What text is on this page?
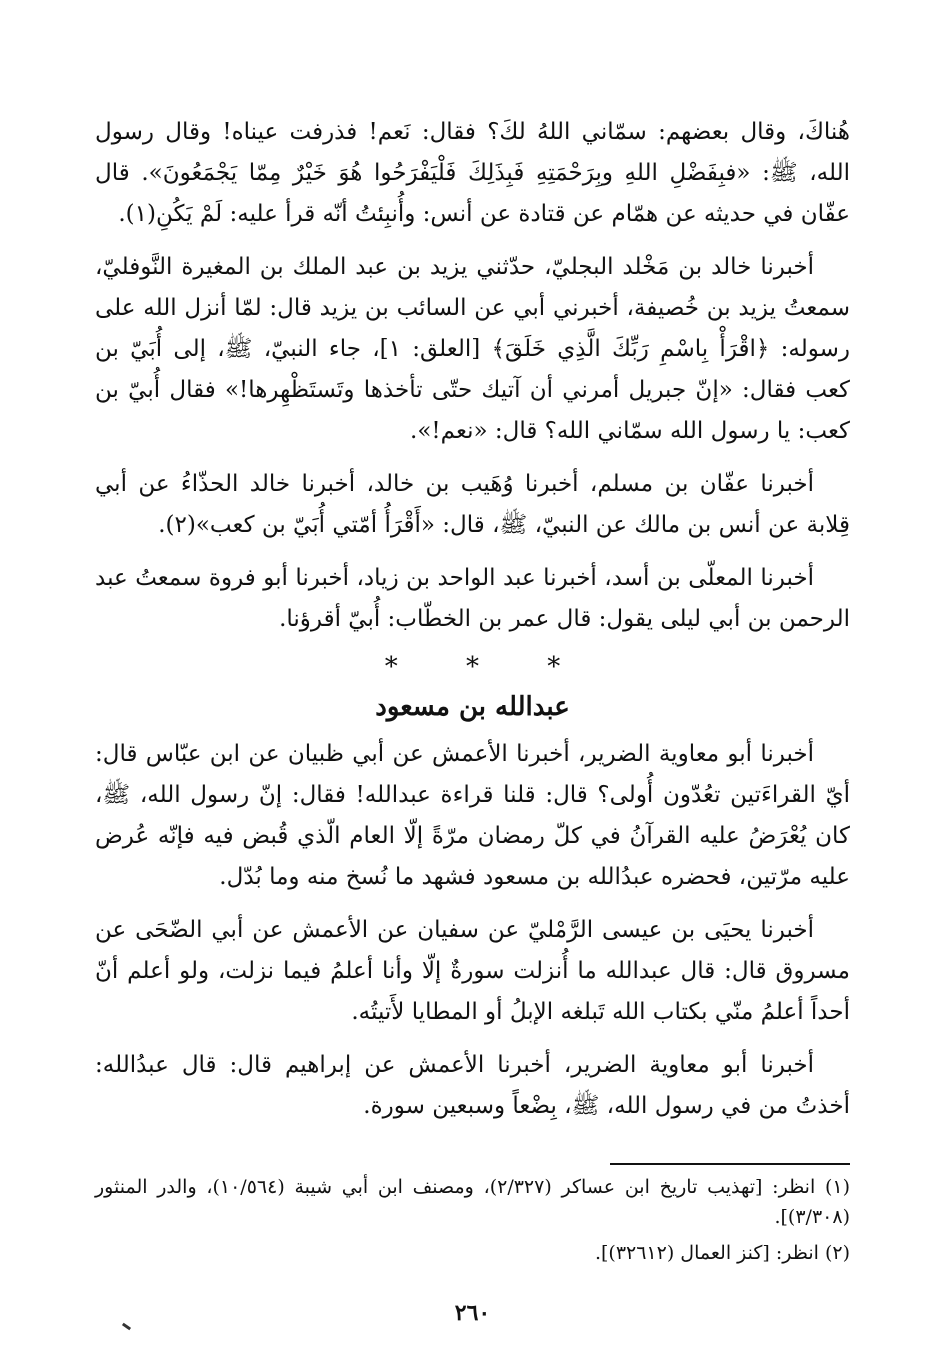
هُناكَ، وقال بعضهم: سمّاني اللهُ لكَ؟ فقال: نَعم! فذرفت عيناه! وقال رسول الله، ﷺ: «فبِفَضْلِ اللهِ وبِرَحْمَتِهِ فَبِذَلِكَ فَلْيَفْرَحُوا هُوَ خَيْرٌ مِمّا يَجْمَعُونَ». قال عفّان في حديثه عن همّام عن قتادة عن أنس: وأُنبِئتُ أنّه قرأ عليه: لَمْ يَكُنِ(١).

أخبرنا خالد بن مَخْلد البجليّ، حدّثني يزيد بن عبد الملك بن المغيرة النَّوفليّ، سمعتُ يزيد بن خُصيفة، أخبرني أبي عن السائب بن يزيد قال: لمّا أنزل الله على رسوله: ﴿اقْرَأْ بِاسْمِ رَبِّكَ الَّذِي خَلَقَ﴾ [العلق: ١]، جاء النبيّ، ﷺ، إلى أُبَيّ بن كعب فقال: «إنّ جبريل أمرني أن آتيك حتّى تأخذها وتَستَظْهِرها!» فقال أُبيّ بن كعب: يا رسول الله سمّاني الله؟ قال: «نعم!».

أخبرنا عفّان بن مسلم، أخبرنا وُهَيب بن خالد، أخبرنا خالد الحذّاءُ عن أبي قِلابة عن أنس بن مالك عن النبيّ، ﷺ، قال: «أَقْرَأُ أمّتي أُبَيّ بن كعب»(٢).

أخبرنا المعلّى بن أسد، أخبرنا عبد الواحد بن زياد، أخبرنا أبو فروة سمعتُ عبد الرحمن بن أبي ليلى يقول: قال عمر بن الخطّاب: أُبيّ أقرؤنا.

*	*	*
عبدالله بن مسعود

أخبرنا أبو معاوية الضرير، أخبرنا الأعمش عن أبي ظبيان عن ابن عبّاس قال: أيّ القراءَتين تعُدّون أُولى؟ قال: قلنا قراءة عبدالله! فقال: إنّ رسول الله، ﷺ، كان يُعْرَضُ عليه القرآنُ في كلّ رمضان مرّةً إلّا العام الّذي قُبض فيه فإنّه عُرض عليه مرّتين، فحضره عبدُالله بن مسعود فشهد ما نُسخ منه وما بُدّل.

أخبرنا يحيَى بن عيسى الرَّمْليّ عن سفيان عن الأعمش عن أبي الضّحَى عن مسروق قال: قال عبدالله ما أُنزلت سورةٌ إلّا وأنا أعلمُ فيما نزلت، ولو أعلم أنّ أحداً أعلمُ منّي بكتاب الله تَبلغه الإبلُ أو المطايا لأَتيتُه.

أخبرنا أبو معاوية الضرير، أخبرنا الأعمش عن إبراهيم قال: قال عبدُالله: أخذتُ من في رسول الله، ﷺ، بِضْعاً وسبعين سورة.

(١) انظر: [تهذيب تاريخ ابن عساكر (٢/٣٢٧)، ومصنف ابن أبي شيبة (١٠/٥٦٤)، والدر المنثور (٣/٣٠٨)].

(٢) انظر: [كنز العمال (٣٢٦١٢)].

٢٦٠
